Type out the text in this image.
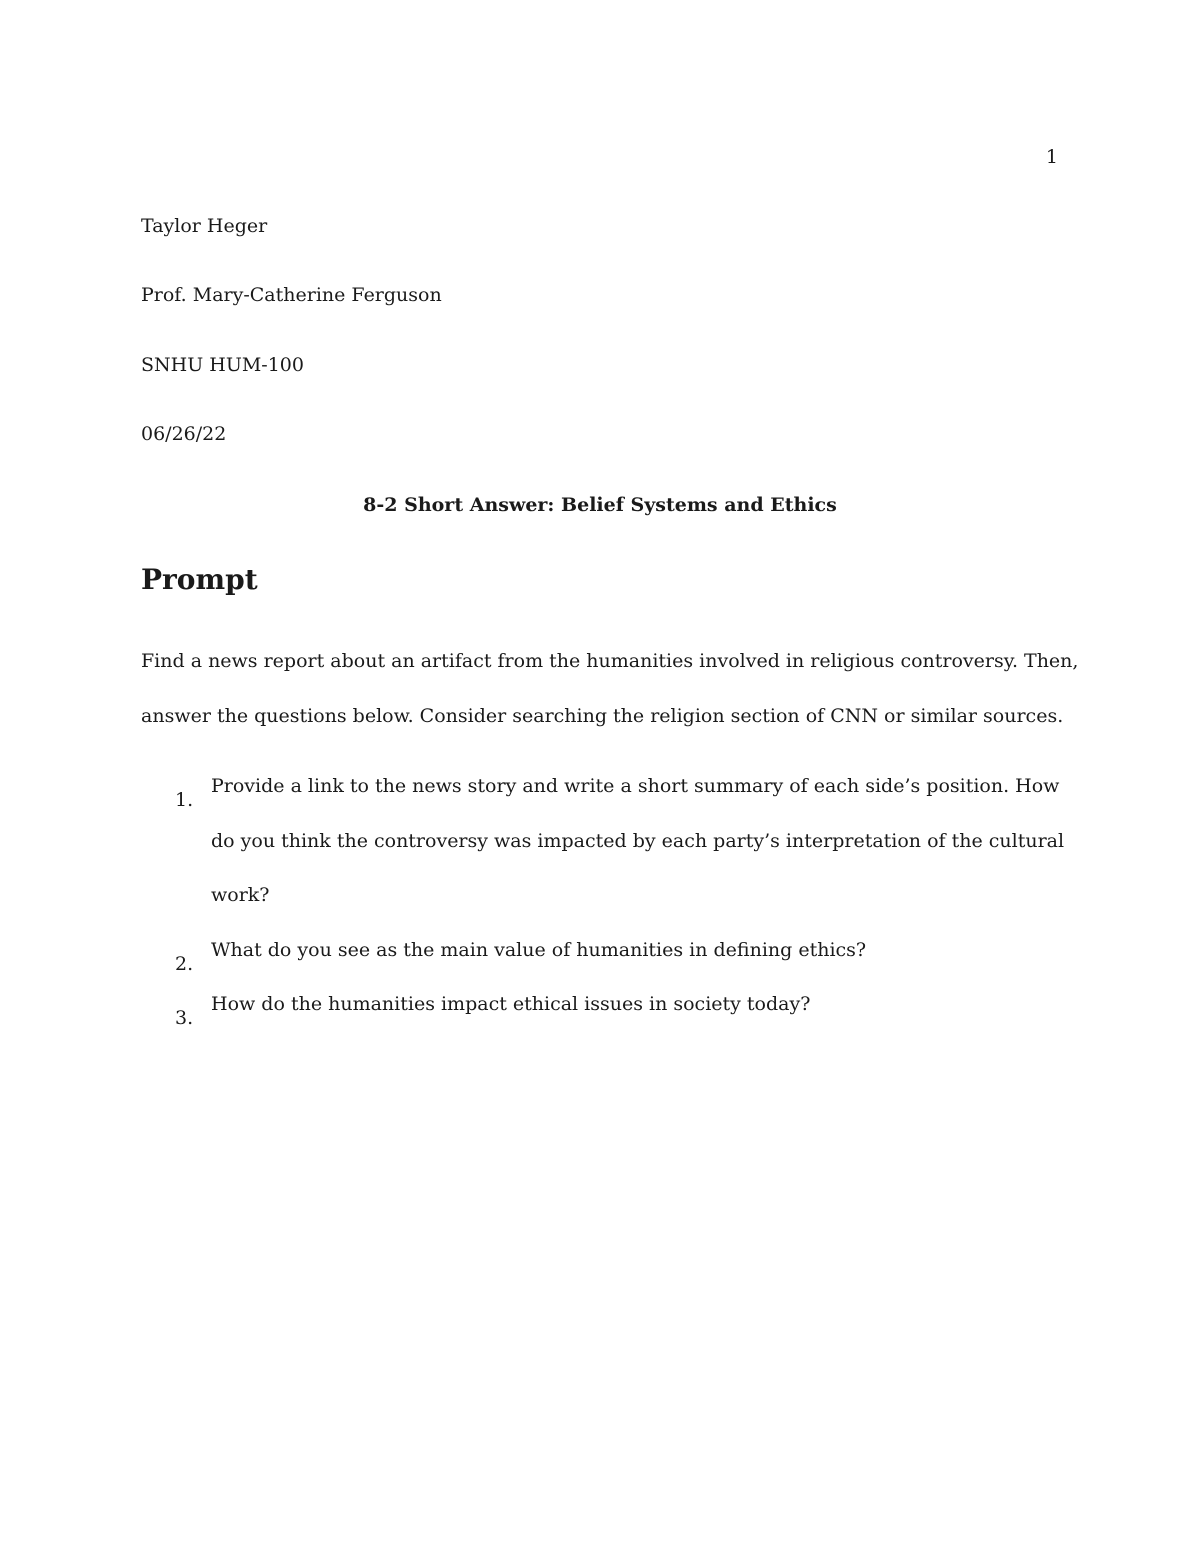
1
Taylor Heger
Prof. Mary-Catherine Ferguson
SNHU HUM-100
06/26/22
8-2 Short Answer: Belief Systems and Ethics
Prompt
Find a news report about an artifact from the humanities involved in religious controversy. Then,
answer the questions below. Consider searching the religion section of CNN or similar sources.
1.
Provide a link to the news story and write a short summary of each side’s position. How
do you think the controversy was impacted by each party’s interpretation of the cultural
work?
2.
What do you see as the main value of humanities in defining ethics?
3.
How do the humanities impact ethical issues in society today?
